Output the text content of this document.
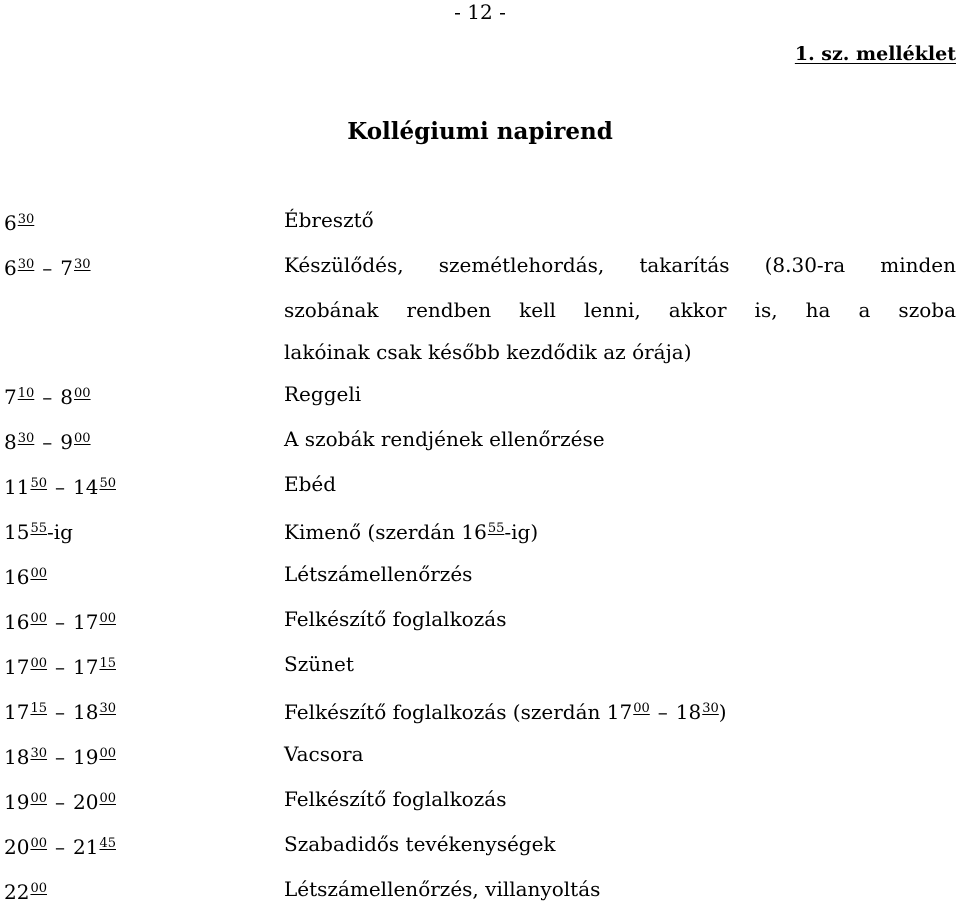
- 12 -
1. sz. melléklet
Kollégiumi napirend
$6^{30}$	Ébresztő
$6^{30} - 7^{30}$	Készülődés, szemétlehordás, takarítás (8.30-ra minden
szobának rendben kell lenni, akkor is, ha a szoba
lakóinak csak később kezdődik az órája)
$7^{10} - 8^{00}$	Reggeli
$8^{30} - 9^{00}$	A szobák rendjének ellenőrzése
$11^{50} - 14^{50}$	Ebéd
$15^{55}-ig$	Kimenő (szerdán $16^{55}-ig$)
$16^{00}$	Létszámellenőrzés
$16^{00} - 17^{00}$	Felkészítő foglalkozás
$17^{00} - 17^{15}$	Szünet
$17^{15} - 18^{30}$	Felkészítő foglalkozás (szerdán $17^{00} - 18^{30}$)
$18^{30} - 19^{00}$	Vacsora
$19^{00} - 20^{00}$	Felkészítő foglalkozás
$20^{00} - 21^{45}$	Szabadidős tevékenységek
$22^{00}$	Létszámellenőrzés, villanyoltás
